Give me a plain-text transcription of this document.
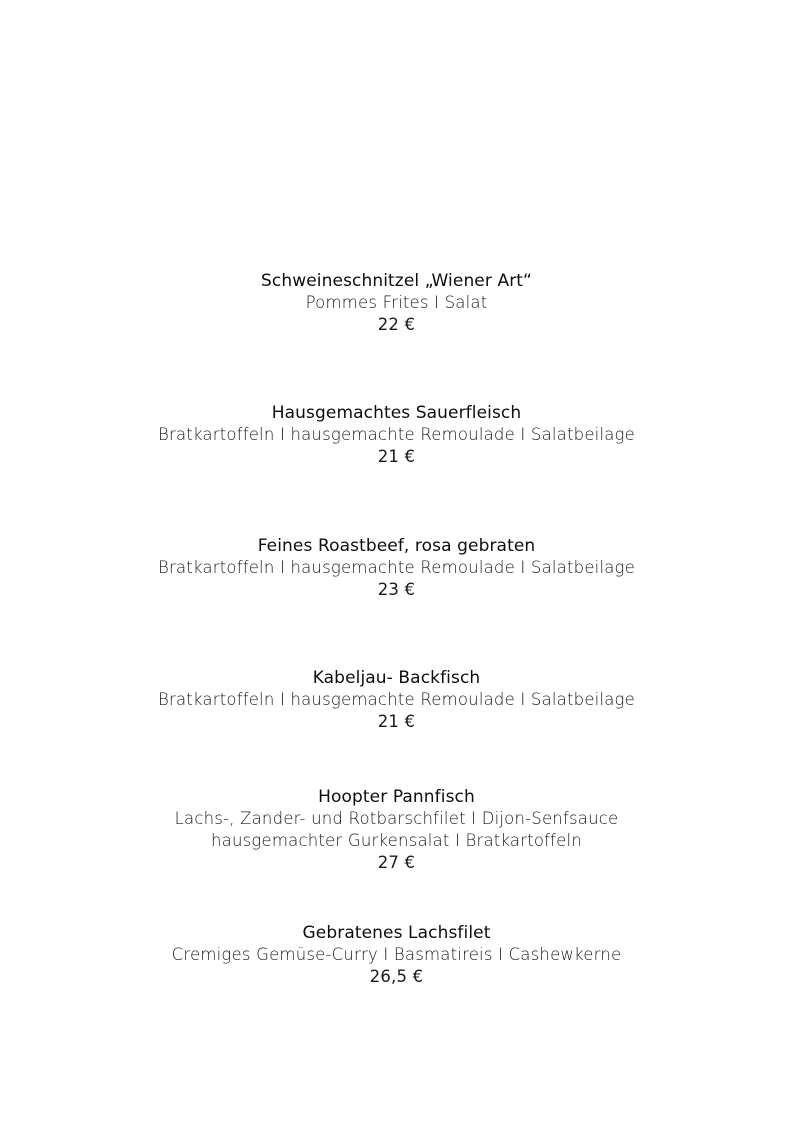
Schweineschnitzel „Wiener Art“
Pommes Frites I Salat
22 €
Hausgemachtes Sauerfleisch
Bratkartoffeln I hausgemachte Remoulade I Salatbeilage
21 €
Feines Roastbeef, rosa gebraten
Bratkartoffeln I hausgemachte Remoulade I Salatbeilage
23 €
Kabeljau- Backfisch
Bratkartoffeln I hausgemachte Remoulade I Salatbeilage
21 €
Hoopter Pannfisch
Lachs-, Zander- und Rotbarschfilet I Dijon-Senfsauce
hausgemachter Gurkensalat I Bratkartoffeln
27 €
Gebratenes Lachsfilet
Cremiges Gemüse-Curry I Basmatireis I Cashewkerne
26,5 €
